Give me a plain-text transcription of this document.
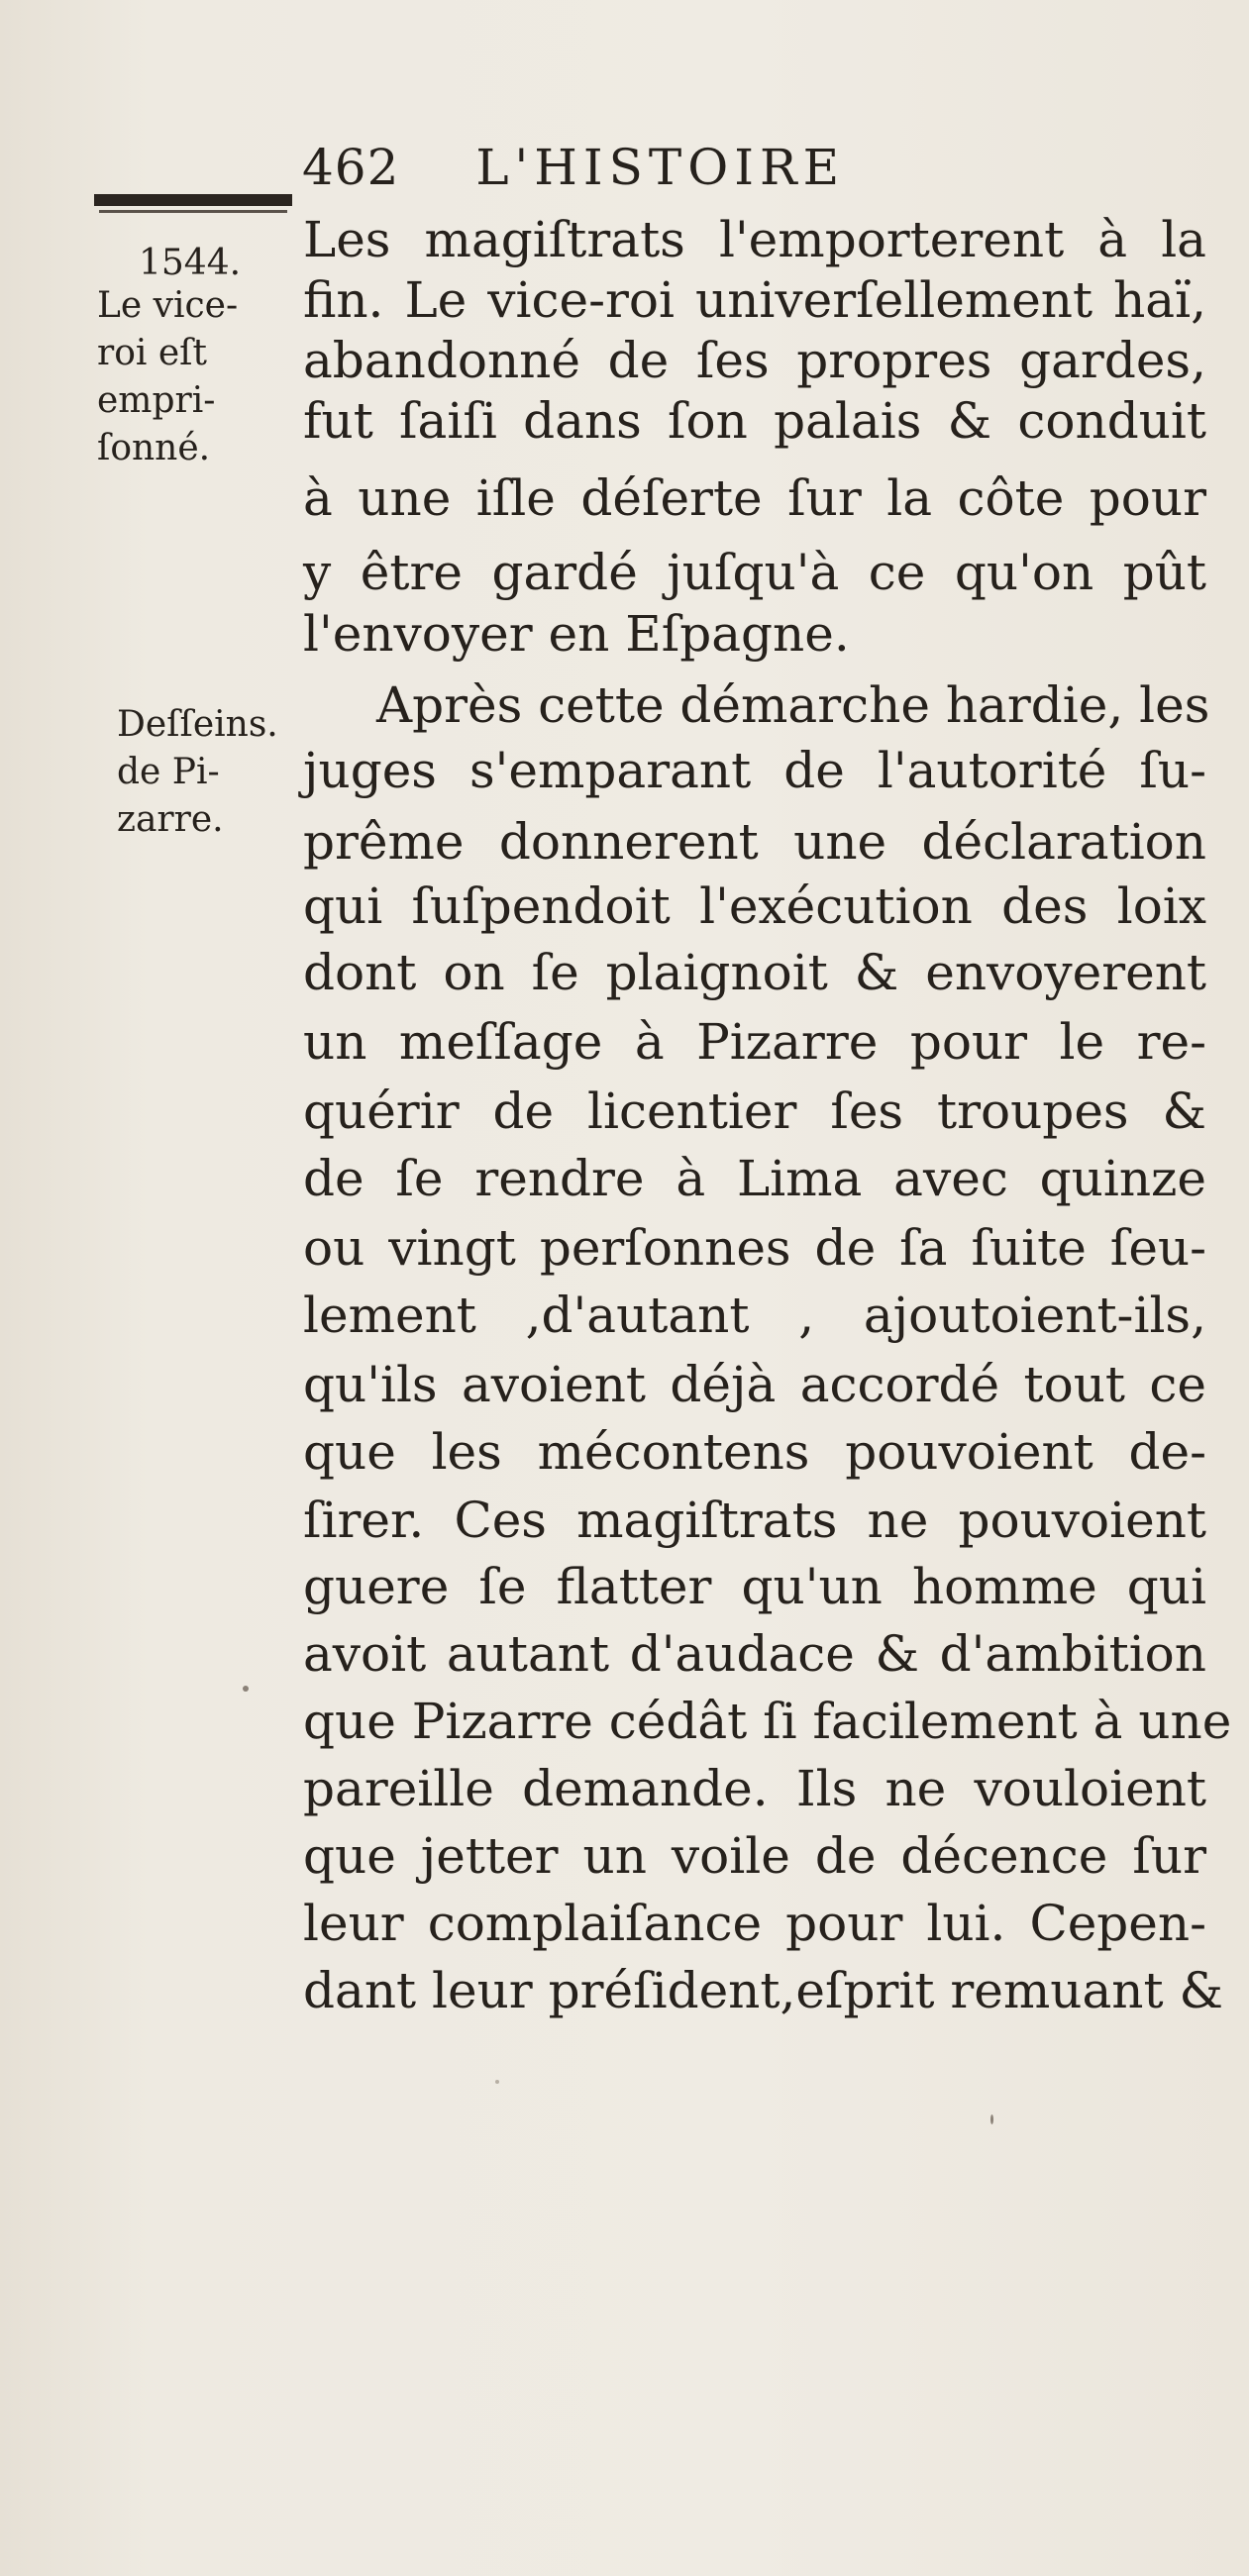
462 L'HISTOIRE
1544.
Le vice-
roi eſt
empri-
ſonné.
Deſſeins.
de Pi-
zarre.
Les magiſtrats l'emporterent à la
fin. Le vice-roi univerſellement haï,
abandonné de ſes propres gardes,
fut ſaiſi dans ſon palais & conduit
à une iſle déſerte ſur la côte pour
y être gardé juſqu'à ce qu'on pût
l'envoyer en Eſpagne.
Après cette démarche hardie, les
juges s'emparant de l'autorité ſu-
prême donnerent une déclaration
qui ſuſpendoit l'exécution des loix
dont on ſe plaignoit & envoyerent
un meſſage à Pizarre pour le re-
quérir de licentier ſes troupes &
de ſe rendre à Lima avec quinze
ou vingt perſonnes de ſa ſuite ſeu-
lement ,d'autant , ajoutoient-ils,
qu'ils avoient déjà accordé tout ce
que les mécontens pouvoient de-
ſirer. Ces magiſtrats ne pouvoient
guere ſe flatter qu'un homme qui
avoit autant d'audace & d'ambition
que Pizarre cédât ſi facilement à une
pareille demande. Ils ne vouloient
que jetter un voile de décence ſur
leur complaiſance pour lui. Cepen-
dant leur préſident,eſprit remuant &
